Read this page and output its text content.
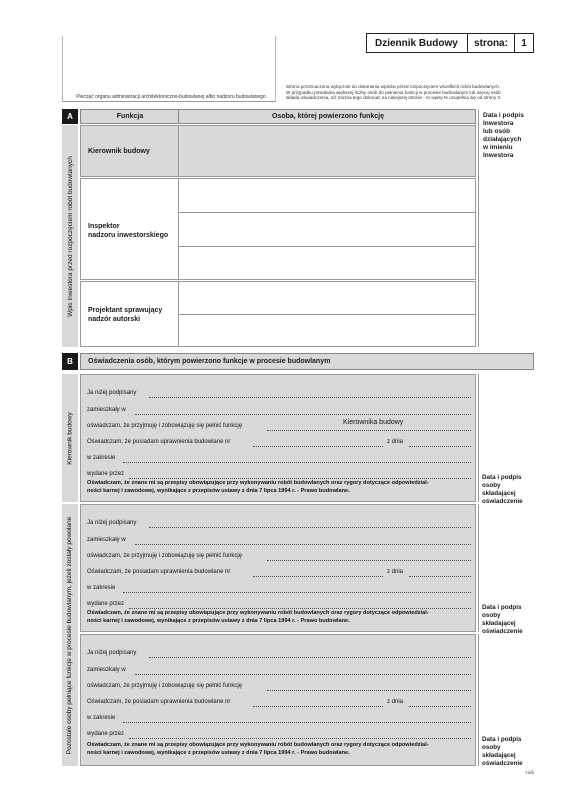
Pieczęć organu administracji architektoniczno-budowlanej albo nadzoru budowlanego
Dziennik Budowy	strona:	1
Strona przeznaczona wyłącznie do dokonania wpisów przed rozpoczęciem wszelkich robót budowlanych.
W przypadku powołania większej liczby osób do pełnienia funkcji w procesie budowlanym lub więcej osób
składa oświadczenia, niż można tego dokonać na niniejszej stronie - to wpisy te uzupełnia się od strony 3.
A	Funkcja	Osoba, której powierzono funkcję
Wpis Inwestora przed rozpoczęciem robót budowlanych
Kierownik budowy
Inspektor
nadzoru inwestorskiego
Projektant sprawujący
nadzór autorski
Data i podpis
Inwestora
lub osób
działających
w imieniu
Inwestora
B	Oświadczenia osób, którym powierzono funkcje w procesie budowlanym
Kierownik budowy
Pozostałe osoby pełniące funkcje w procesie budowlanym, jeżeli zostały powołane
Ja niżej podpisany
zamieszkały w
oświadczam, że przyjmuję i zobowiązuję się pełnić funkcję	Kierownika budowy
Oświadczam, że posiadam uprawnienia budowlane nr	z dnia
w zakresie
wydane przez
Oświadczam, że znane mi są przepisy obowiązujące przy wykonywaniu robót budowlanych oraz rygory dotyczące odpowiedzial-
ności karnej i zawodowej, wynikające z przepisów ustawy z dnia 7 lipca 1994 r. - Prawo budowlane.
Data i podpis
osoby składającej
oświadczenie
Ja niżej podpisany
zamieszkały w
oświadczam, że przyjmuję i zobowiązuję się pełnić funkcję
Oświadczam, że posiadam uprawnienia budowlane nr	z dnia
w zakresie
wydane przez
Oświadczam, że znane mi są przepisy obowiązujące przy wykonywaniu robót budowlanych oraz rygory dotyczące odpowiedzial-
ności karnej i zawodowej, wynikające z przepisów ustawy z dnia 7 lipca 1994 r. - Prawo budowlane.
Data i podpis
osoby składającej
oświadczenie
Ja niżej podpisany
zamieszkały w
oświadczam, że przyjmuję i zobowiązuję się pełnić funkcję
Oświadczam, że posiadam uprawnienia budowlane nr	z dnia
w zakresie
wydane przez
Oświadczam, że znane mi są przepisy obowiązujące przy wykonywaniu robót budowlanych oraz rygory dotyczące odpowiedzial-
ności karnej i zawodowej, wynikające z przepisów ustawy z dnia 7 lipca 1994 r. - Prawo budowlane.
Data i podpis
osoby składającej
oświadczenie
t-ii/b
